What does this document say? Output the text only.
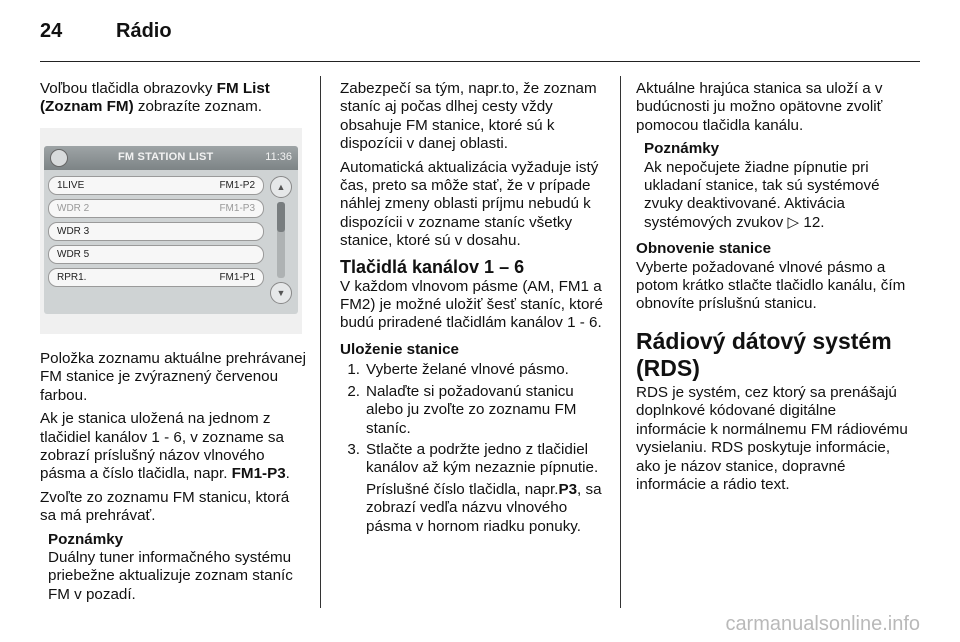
24	Rádio

Voľbou tlačidla obrazovky FM List (Zoznam FM) zobrazíte zoznam.

FM STATION LIST	11:36
1LIVE	FM1-P2
WDR 2	FM1-P3
WDR 3
WDR 5
RPR1.	FM1-P1
▲
▼

Položka zoznamu aktuálne prehrávanej FM stanice je zvýraznený červenou farbou.

Ak je stanica uložená na jednom z tlačidiel kanálov 1 - 6, v zozname sa zobrazí príslušný názov vlnového pásma a číslo tlačidla, napr. FM1-P3.

Zvoľte zo zoznamu FM stanicu, ktorá sa má prehrávať.

Poznámky
Duálny tuner informačného systému priebežne aktualizuje zoznam staníc FM v pozadí.

Zabezpečí sa tým, napr.to, že zoznam staníc aj počas dlhej cesty vždy obsahuje FM stanice, ktoré sú k dispozícii v danej oblasti.

Automatická aktualizácia vyžaduje istý čas, preto sa môže stať, že v prípade náhlej zmeny oblasti príjmu nebudú k dispozícii v zozname staníc všetky stanice, ktoré sú v dosahu.

Tlačidlá kanálov 1 – 6

V každom vlnovom pásme (AM, FM1 a FM2) je možné uložiť šesť staníc, ktoré budú priradené tlačidlám kanálov 1 - 6.

Uloženie stanice
1. Vyberte želané vlnové pásmo.
2. Nalaďte si požadovanú stanicu alebo ju zvoľte zo zoznamu FM staníc.
3. Stlačte a podržte jedno z tlačidiel kanálov až kým nezaznie pípnutie.

Príslušné číslo tlačidla, napr.P3, sa zobrazí vedľa názvu vlnového pásma v hornom riadku ponuky.

Aktuálne hrajúca stanica sa uloží a v budúcnosti ju možno opätovne zvoliť pomocou tlačidla kanálu.

Poznámky
Ak nepočujete žiadne pípnutie pri ukladaní stanice, tak sú systémové zvuky deaktivované. Aktivácia systémových zvukov ▷ 12.
Obnovenie stanice

Vyberte požadované vlnové pásmo a potom krátko stlačte tlačidlo kanálu, čím obnovíte príslušnú stanicu.

Rádiový dátový systém (RDS)

RDS je systém, cez ktorý sa prenášajú doplnkové kódované digitálne informácie k normálnemu FM rádiovému vysielaniu. RDS poskytuje informácie, ako je názov stanice, dopravné informácie a rádio text.

carmanualsonline.info
